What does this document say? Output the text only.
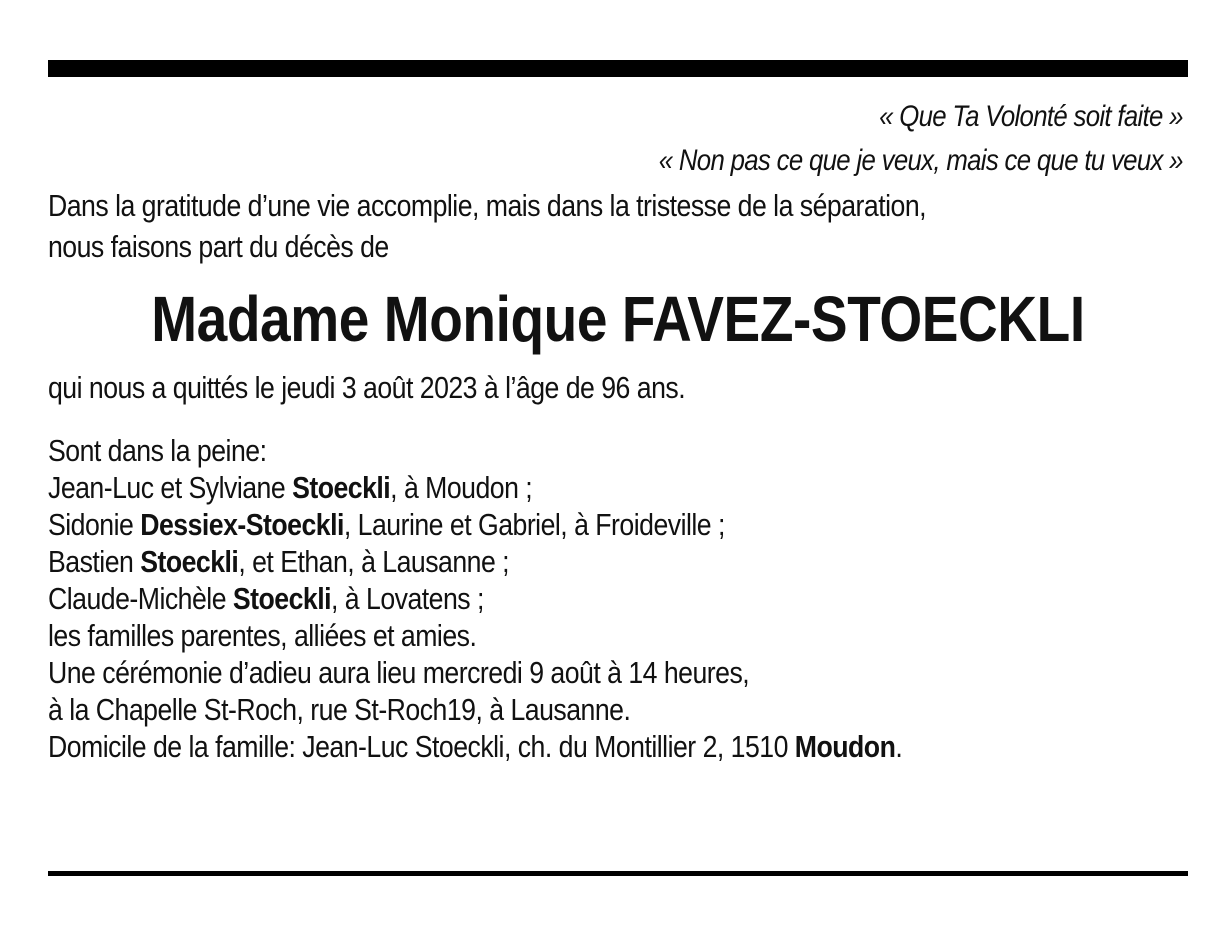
« Que Ta Volonté soit faite »
« Non pas ce que je veux, mais ce que tu veux »
Dans la gratitude d’une vie accomplie, mais dans la tristesse de la séparation,
nous faisons part du décès de
Madame Monique FAVEZ-STOECKLI
qui nous a quittés le jeudi 3 août 2023 à l’âge de 96 ans.
Sont dans la peine:
Jean-Luc et Sylviane Stoeckli, à Moudon ;
Sidonie Dessiex-Stoeckli, Laurine et Gabriel, à Froideville ;
Bastien Stoeckli, et Ethan, à Lausanne ;
Claude-Michèle Stoeckli, à Lovatens ;
les familles parentes, alliées et amies.
Une cérémonie d’adieu aura lieu mercredi 9 août à 14 heures,
à la Chapelle St-Roch, rue St-Roch19, à Lausanne.
Domicile de la famille: Jean-Luc Stoeckli, ch. du Montillier 2, 1510 Moudon.
